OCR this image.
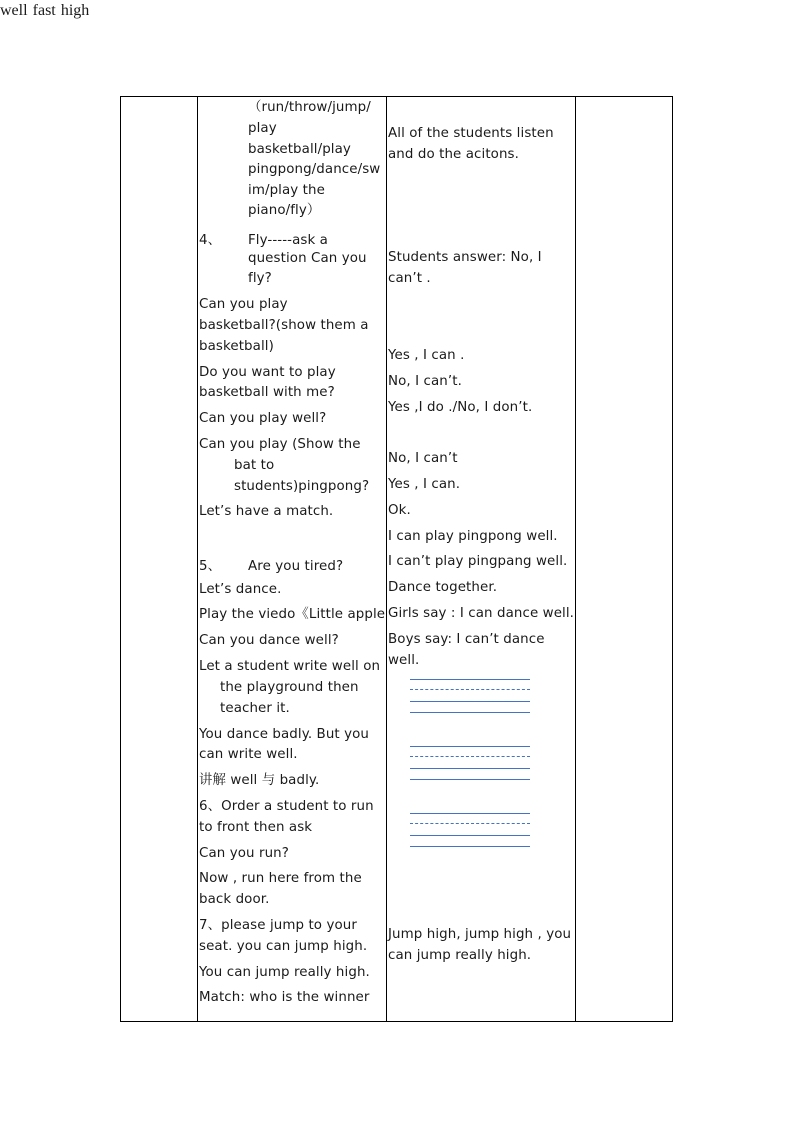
（run/throw/jump/
play
basketball/play
pingpong/dance/sw
im/play the
piano/fly）
4、 Fly-----ask a
question Can you
fly?
Can you play
basketball?(show them a
basketball)
Do you want to play
basketball with me?
Can you play well?
Can you play (Show the
bat to
students)pingpong?
Let’s have a match.
5、 Are you tired?
Let’s dance.
Play the viedo《Little apple
Can you dance well?
Let a student write well on
the playground then
teacher it.
You dance badly. But you
can write well.
讲解 well 与 badly.
6、Order a student to run
to front then ask
Can you run?
Now , run here from the
back door.
7、please jump to your
seat. you can jump high.
You can jump really high.
Match: who is the winner
All of the students listen
and do the acitons.
Students answer: No, I
can’t .
Yes , I can .
No, I can’t.
Yes ,I do ./No, I don’t.
No, I can’t
Yes , I can.
Ok.
I can play pingpong well.
I can’t play pingpang well.
Dance together.
Girls say : I can dance well.
Boys say: I can’t dance
well.
well fast high
Jump high, jump high , you
can jump really high.
